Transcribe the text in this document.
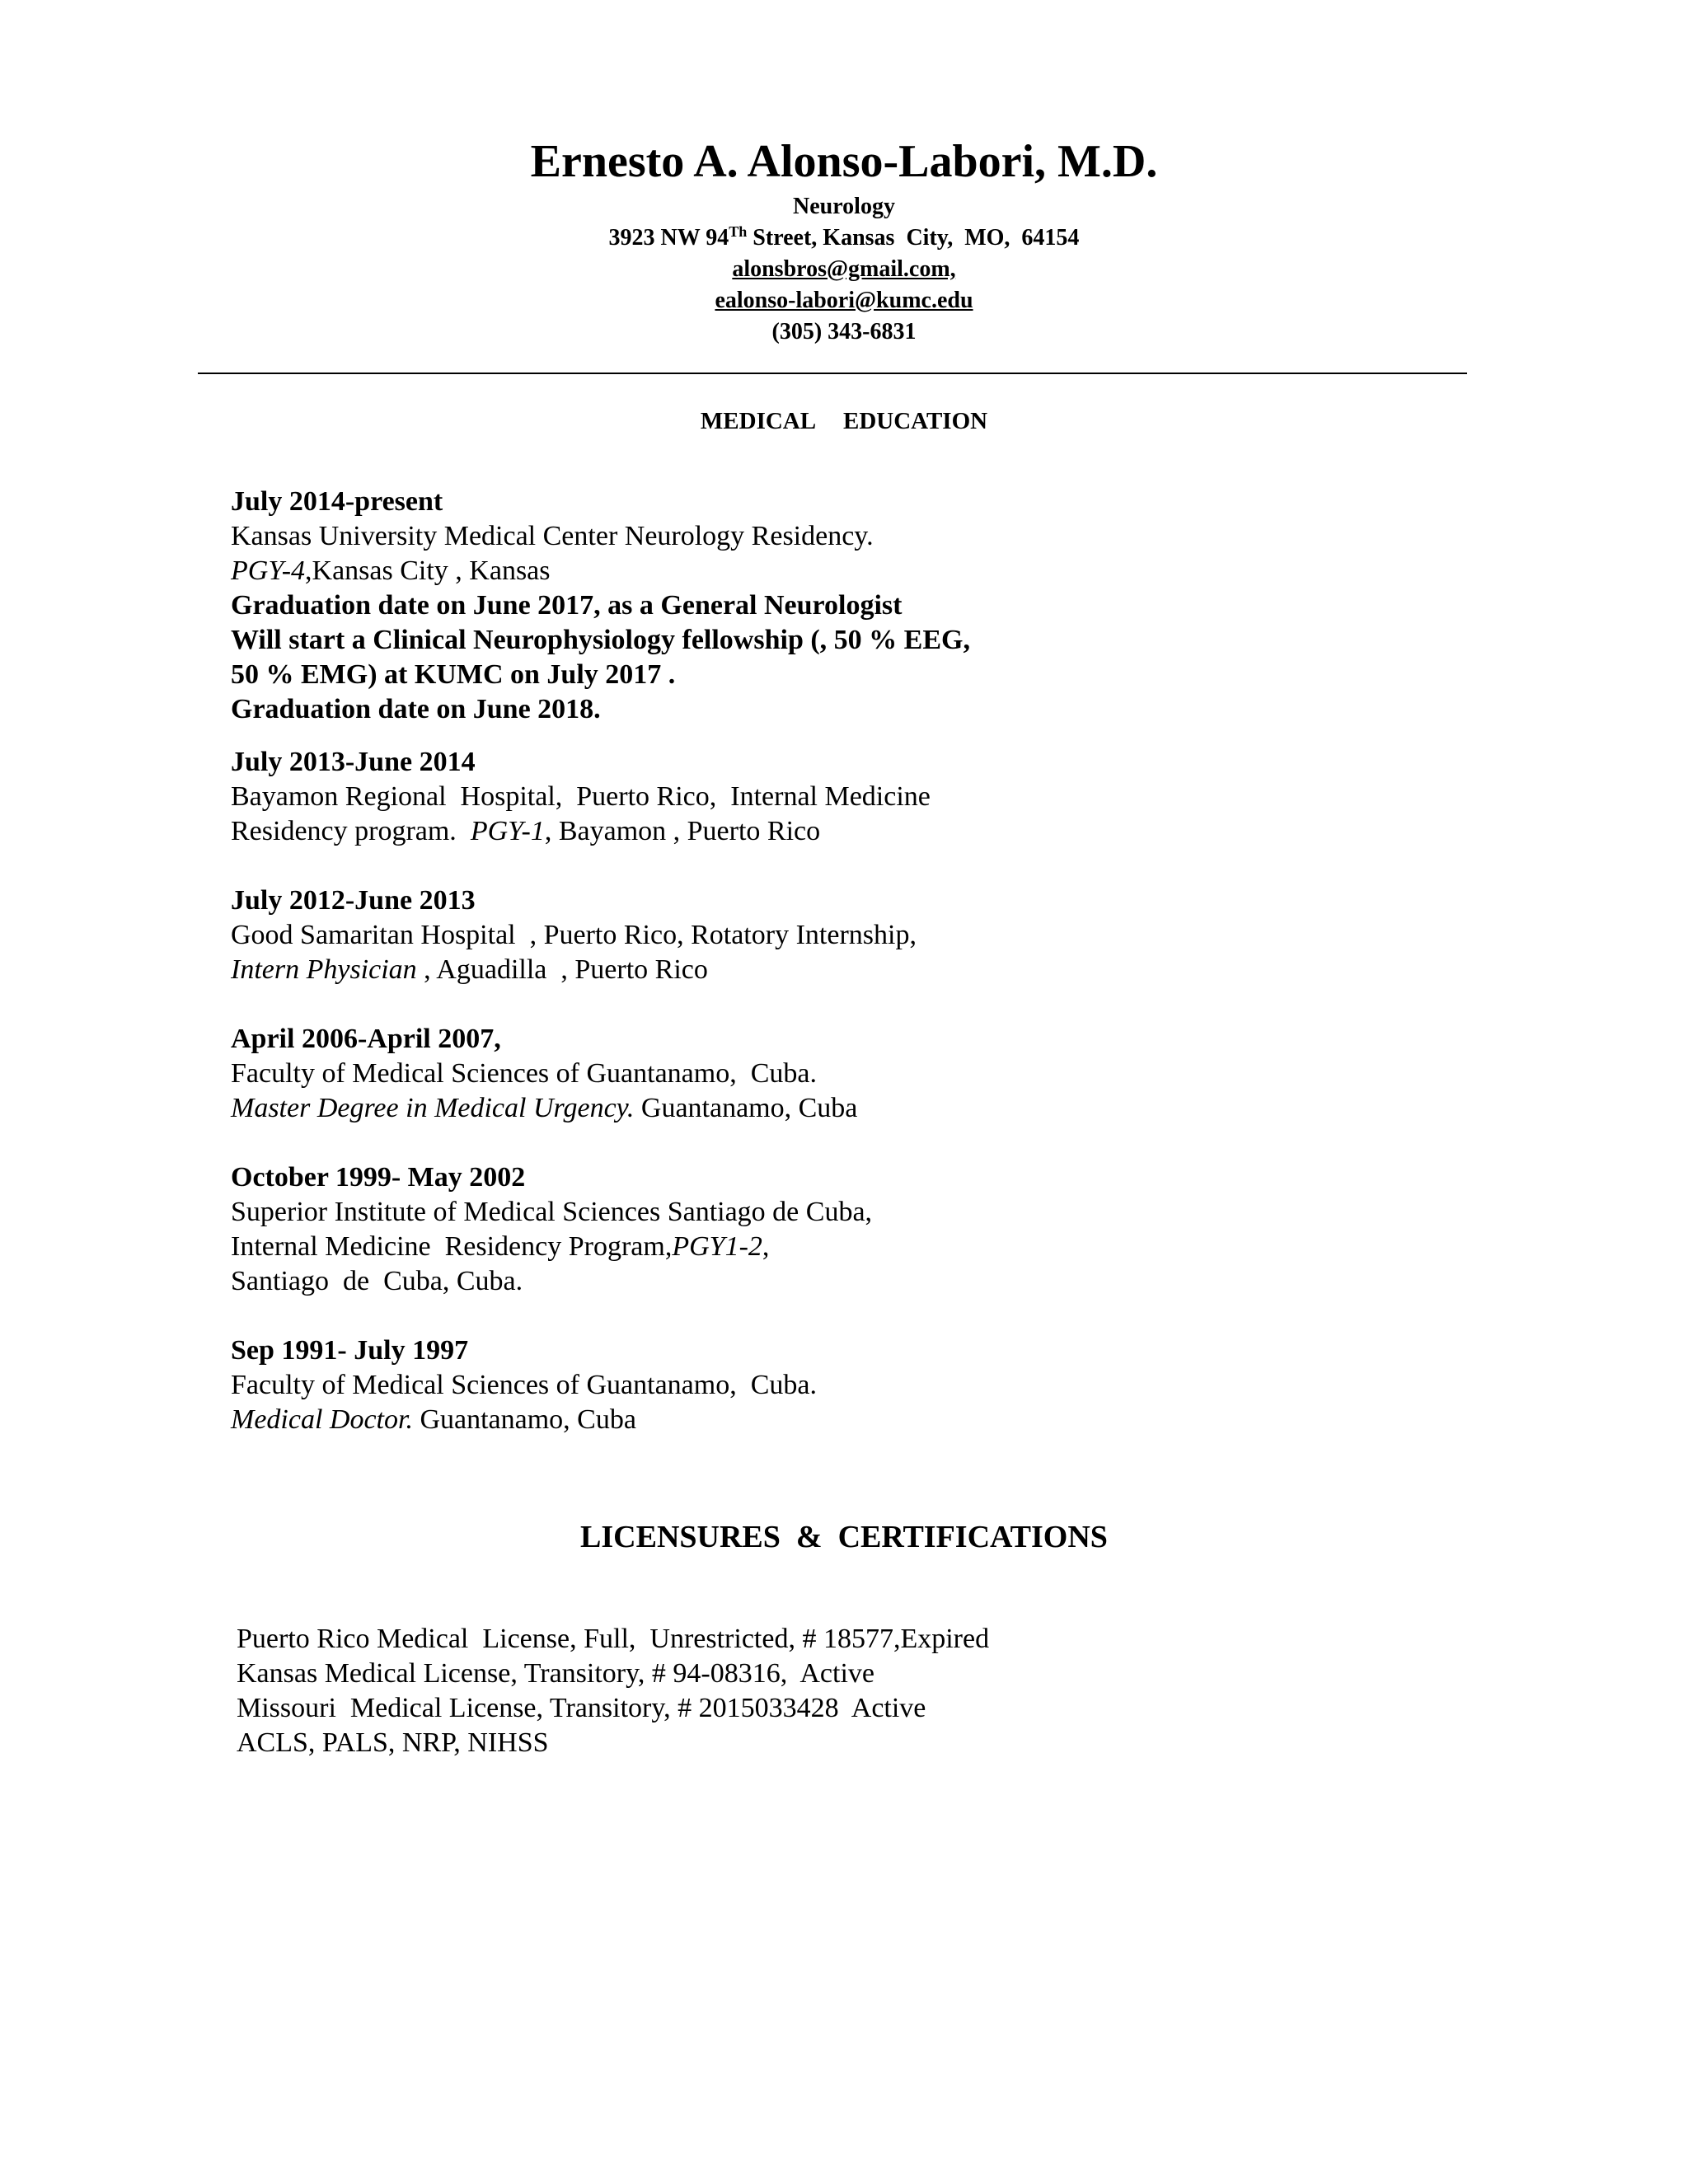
Ernesto A. Alonso-Labori, M.D.

Neurology

3923 NW 94Th Street, Kansas  City,  MO,  64154

alonsbros@gmail.com,

ealonso-labori@kumc.edu

(305) 343-6831

MEDICAL  EDUCATION

July 2014-present

Kansas University Medical Center Neurology Residency.

PGY-4,Kansas City , Kansas

Graduation date on June 2017, as a General Neurologist

Will start a Clinical Neurophysiology fellowship (, 50 % EEG,

50 % EMG) at KUMC on July 2017 .

Graduation date on June 2018.

July 2013-June 2014

Bayamon Regional  Hospital,  Puerto Rico,  Internal Medicine

Residency program.  PGY-1, Bayamon , Puerto Rico

July 2012-June 2013

Good Samaritan Hospital  , Puerto Rico, Rotatory Internship,

Intern Physician , Aguadilla  , Puerto Rico

April 2006-April 2007,

Faculty of Medical Sciences of Guantanamo,  Cuba.

Master Degree in Medical Urgency. Guantanamo, Cuba

October 1999- May 2002

Superior Institute of Medical Sciences Santiago de Cuba,

Internal Medicine  Residency Program,PGY1-2,

Santiago  de  Cuba, Cuba.

Sep 1991- July 1997

Faculty of Medical Sciences of Guantanamo,  Cuba.

Medical Doctor. Guantanamo, Cuba

LICENSURES  &  CERTIFICATIONS

Puerto Rico Medical  License, Full,  Unrestricted, # 18577,Expired

Kansas Medical License, Transitory, # 94-08316,  Active

Missouri  Medical License, Transitory, # 2015033428  Active

ACLS, PALS, NRP, NIHSS
